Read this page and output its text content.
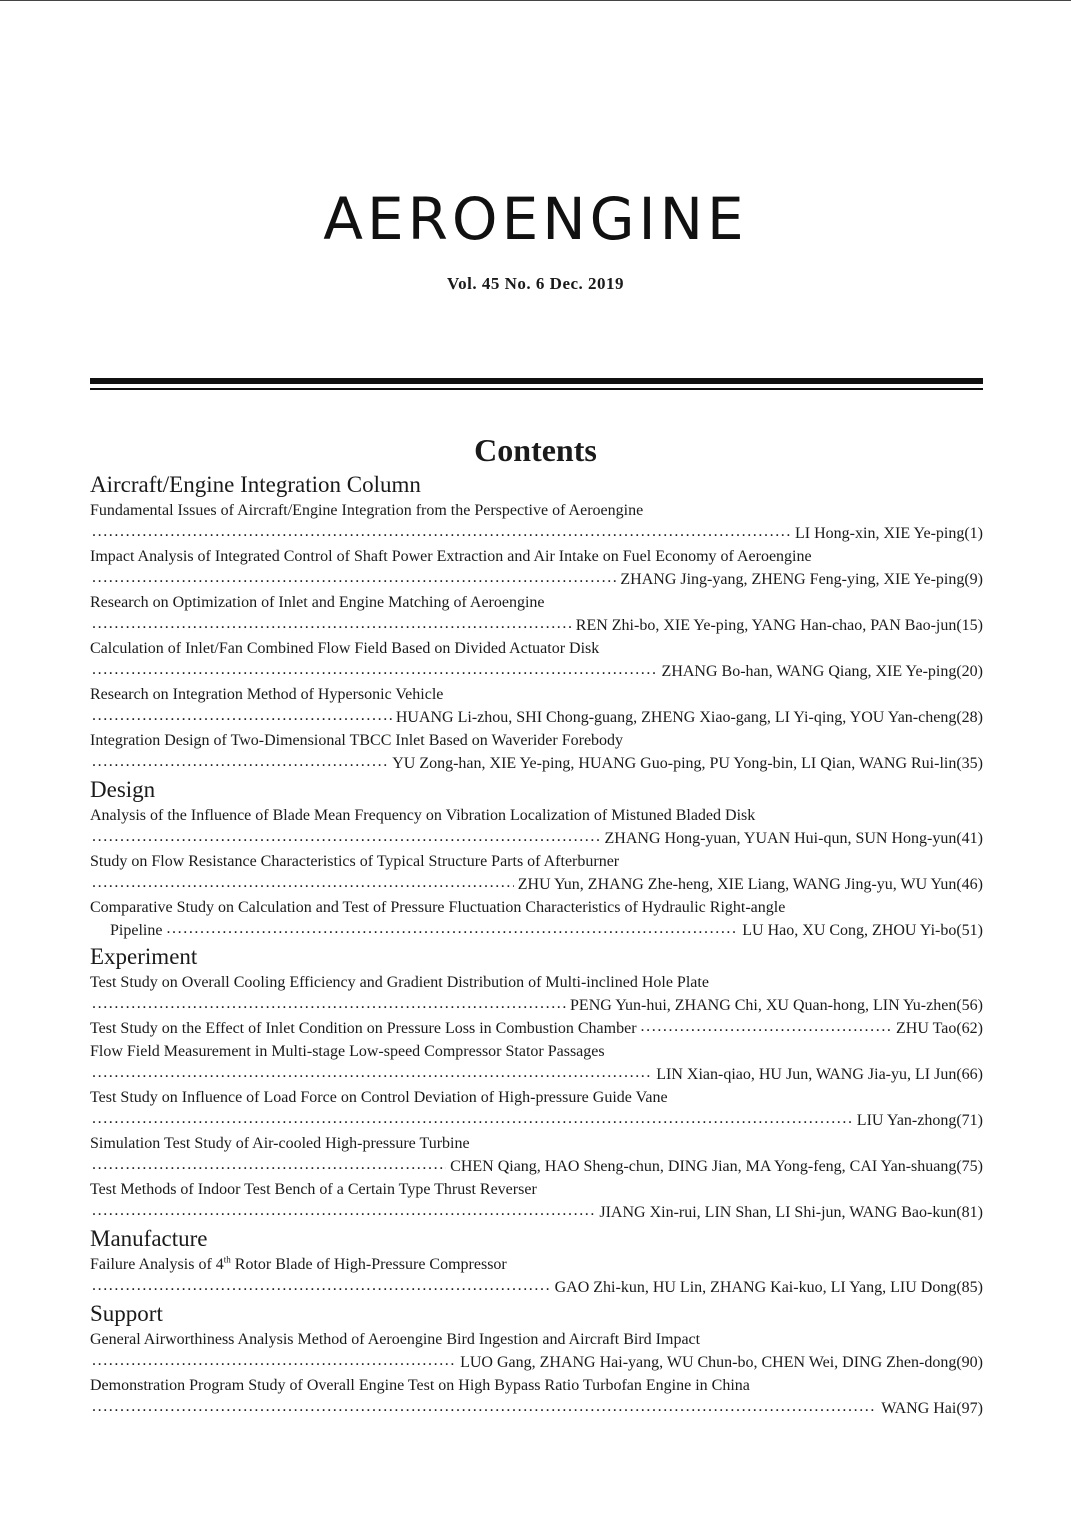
AEROENGINE
Vol. 45 No. 6 Dec. 2019
Contents
Aircraft/Engine Integration Column
Fundamental Issues of Aircraft/Engine Integration from the Perspective of Aeroengine
.....
LI Hong-xin, XIE Ye-ping(1)
Impact Analysis of Integrated Control of Shaft Power Extraction and Air Intake on Fuel Economy of Aeroengine
.....
ZHANG Jing-yang, ZHENG Feng-ying, XIE Ye-ping(9)
Research on Optimization of Inlet and Engine Matching of Aeroengine
.....
REN Zhi-bo, XIE Ye-ping, YANG Han-chao, PAN Bao-jun(15)
Calculation of Inlet/Fan Combined Flow Field Based on Divided Actuator Disk
.....
ZHANG Bo-han, WANG Qiang, XIE Ye-ping(20)
Research on Integration Method of Hypersonic Vehicle
.....
HUANG Li-zhou, SHI Chong-guang, ZHENG Xiao-gang, LI Yi-qing, YOU Yan-cheng(28)
Integration Design of Two-Dimensional TBCC Inlet Based on Waverider Forebody
.....
YU Zong-han, XIE Ye-ping, HUANG Guo-ping, PU Yong-bin, LI Qian, WANG Rui-lin(35)
Design
Analysis of the Influence of Blade Mean Frequency on Vibration Localization of Mistuned Bladed Disk
.....
ZHANG Hong-yuan, YUAN Hui-qun, SUN Hong-yun(41)
Study on Flow Resistance Characteristics of Typical Structure Parts of Afterburner
.....
ZHU Yun, ZHANG Zhe-heng, XIE Liang, WANG Jing-yu, WU Yun(46)
Comparative Study on Calculation and Test of Pressure Fluctuation Characteristics of Hydraulic Right-angle
Pipeline .....	LU Hao, XU Cong, ZHOU Yi-bo(51)
Experiment
Test Study on Overall Cooling Efficiency and Gradient Distribution of Multi-inclined Hole Plate
.....
PENG Yun-hui, ZHANG Chi, XU Quan-hong, LIN Yu-zhen(56)
Test Study on the Effect of Inlet Condition on Pressure Loss in Combustion Chamber .....	ZHU Tao(62)
Flow Field Measurement in Multi-stage Low-speed Compressor Stator Passages
.....
LIN Xian-qiao, HU Jun, WANG Jia-yu, LI Jun(66)
Test Study on Influence of Load Force on Control Deviation of High-pressure Guide Vane
.....
LIU Yan-zhong(71)
Simulation Test Study of Air-cooled High-pressure Turbine
.....
CHEN Qiang, HAO Sheng-chun, DING Jian, MA Yong-feng, CAI Yan-shuang(75)
Test Methods of Indoor Test Bench of a Certain Type Thrust Reverser
.....
JIANG Xin-rui, LIN Shan, LI Shi-jun, WANG Bao-kun(81)
Manufacture
Failure Analysis of 4th Rotor Blade of High-Pressure Compressor
.....
GAO Zhi-kun, HU Lin, ZHANG Kai-kuo, LI Yang, LIU Dong(85)
Support
General Airworthiness Analysis Method of Aeroengine Bird Ingestion and Aircraft Bird Impact
.....
LUO Gang, ZHANG Hai-yang, WU Chun-bo, CHEN Wei, DING Zhen-dong(90)
Demonstration Program Study of Overall Engine Test on High Bypass Ratio Turbofan Engine in China
.....
WANG Hai(97)
